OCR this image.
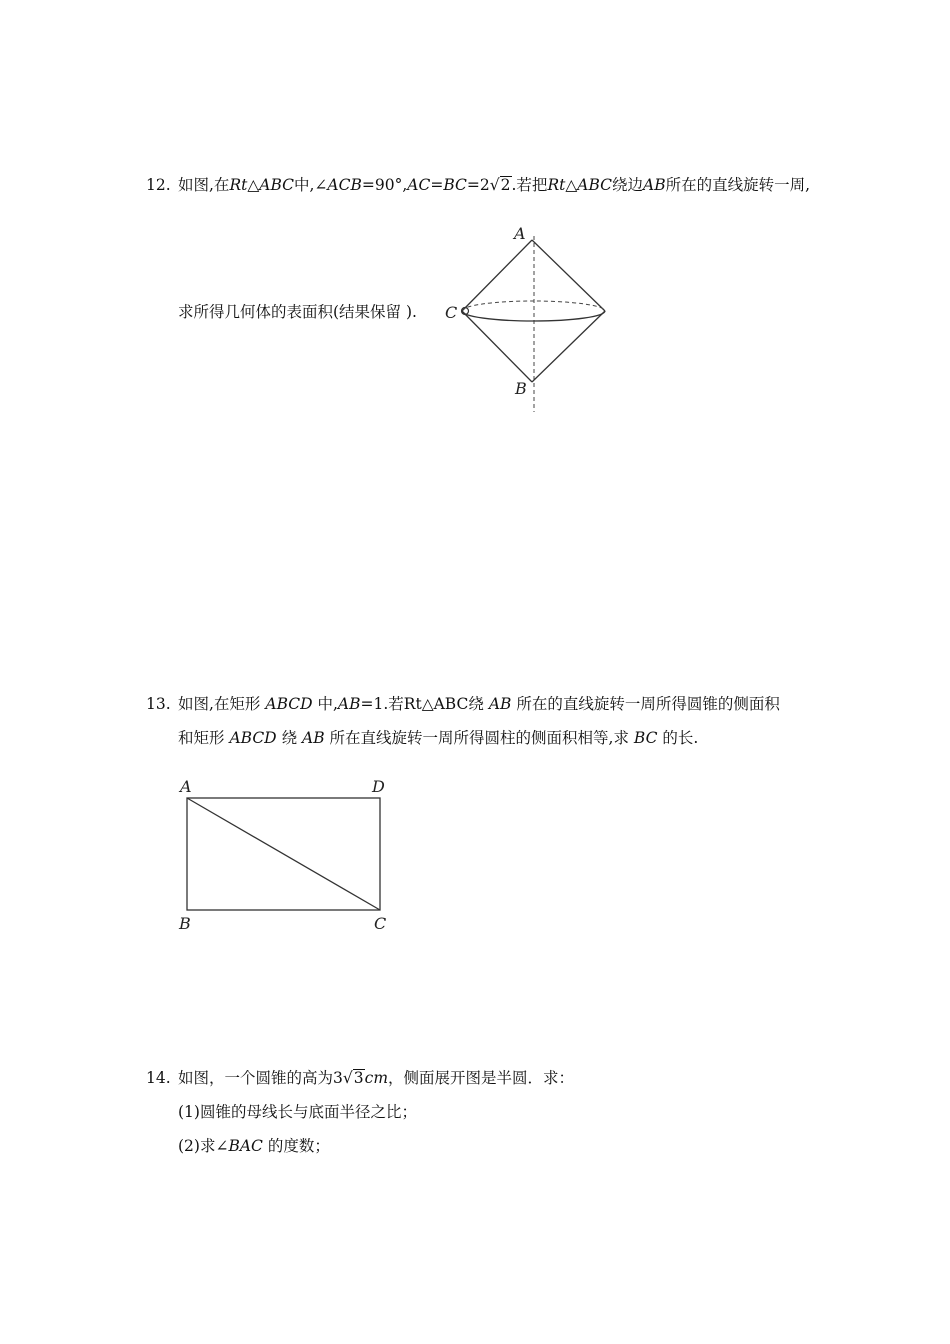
12. 如图,在Rt△ABC中,∠ACB=90°,AC=BC=2√2.若把Rt△ABC绕边AB所在的直线旋转一周,
求所得几何体的表面积(结果保留 ).
A
C
B
13. 如图,在矩形 ABCD 中,AB=1.若Rt△ABC绕 AB 所在的直线旋转一周所得圆锥的侧面积
和矩形 ABCD 绕 AB 所在直线旋转一周所得圆柱的侧面积相等,求 BC 的长.
A	D
B	C
14. 如图，一个圆锥的高为3√3cm，侧面展开图是半圆．求：
(1)圆锥的母线长与底面半径之比；
(2)求∠BAC 的度数；
